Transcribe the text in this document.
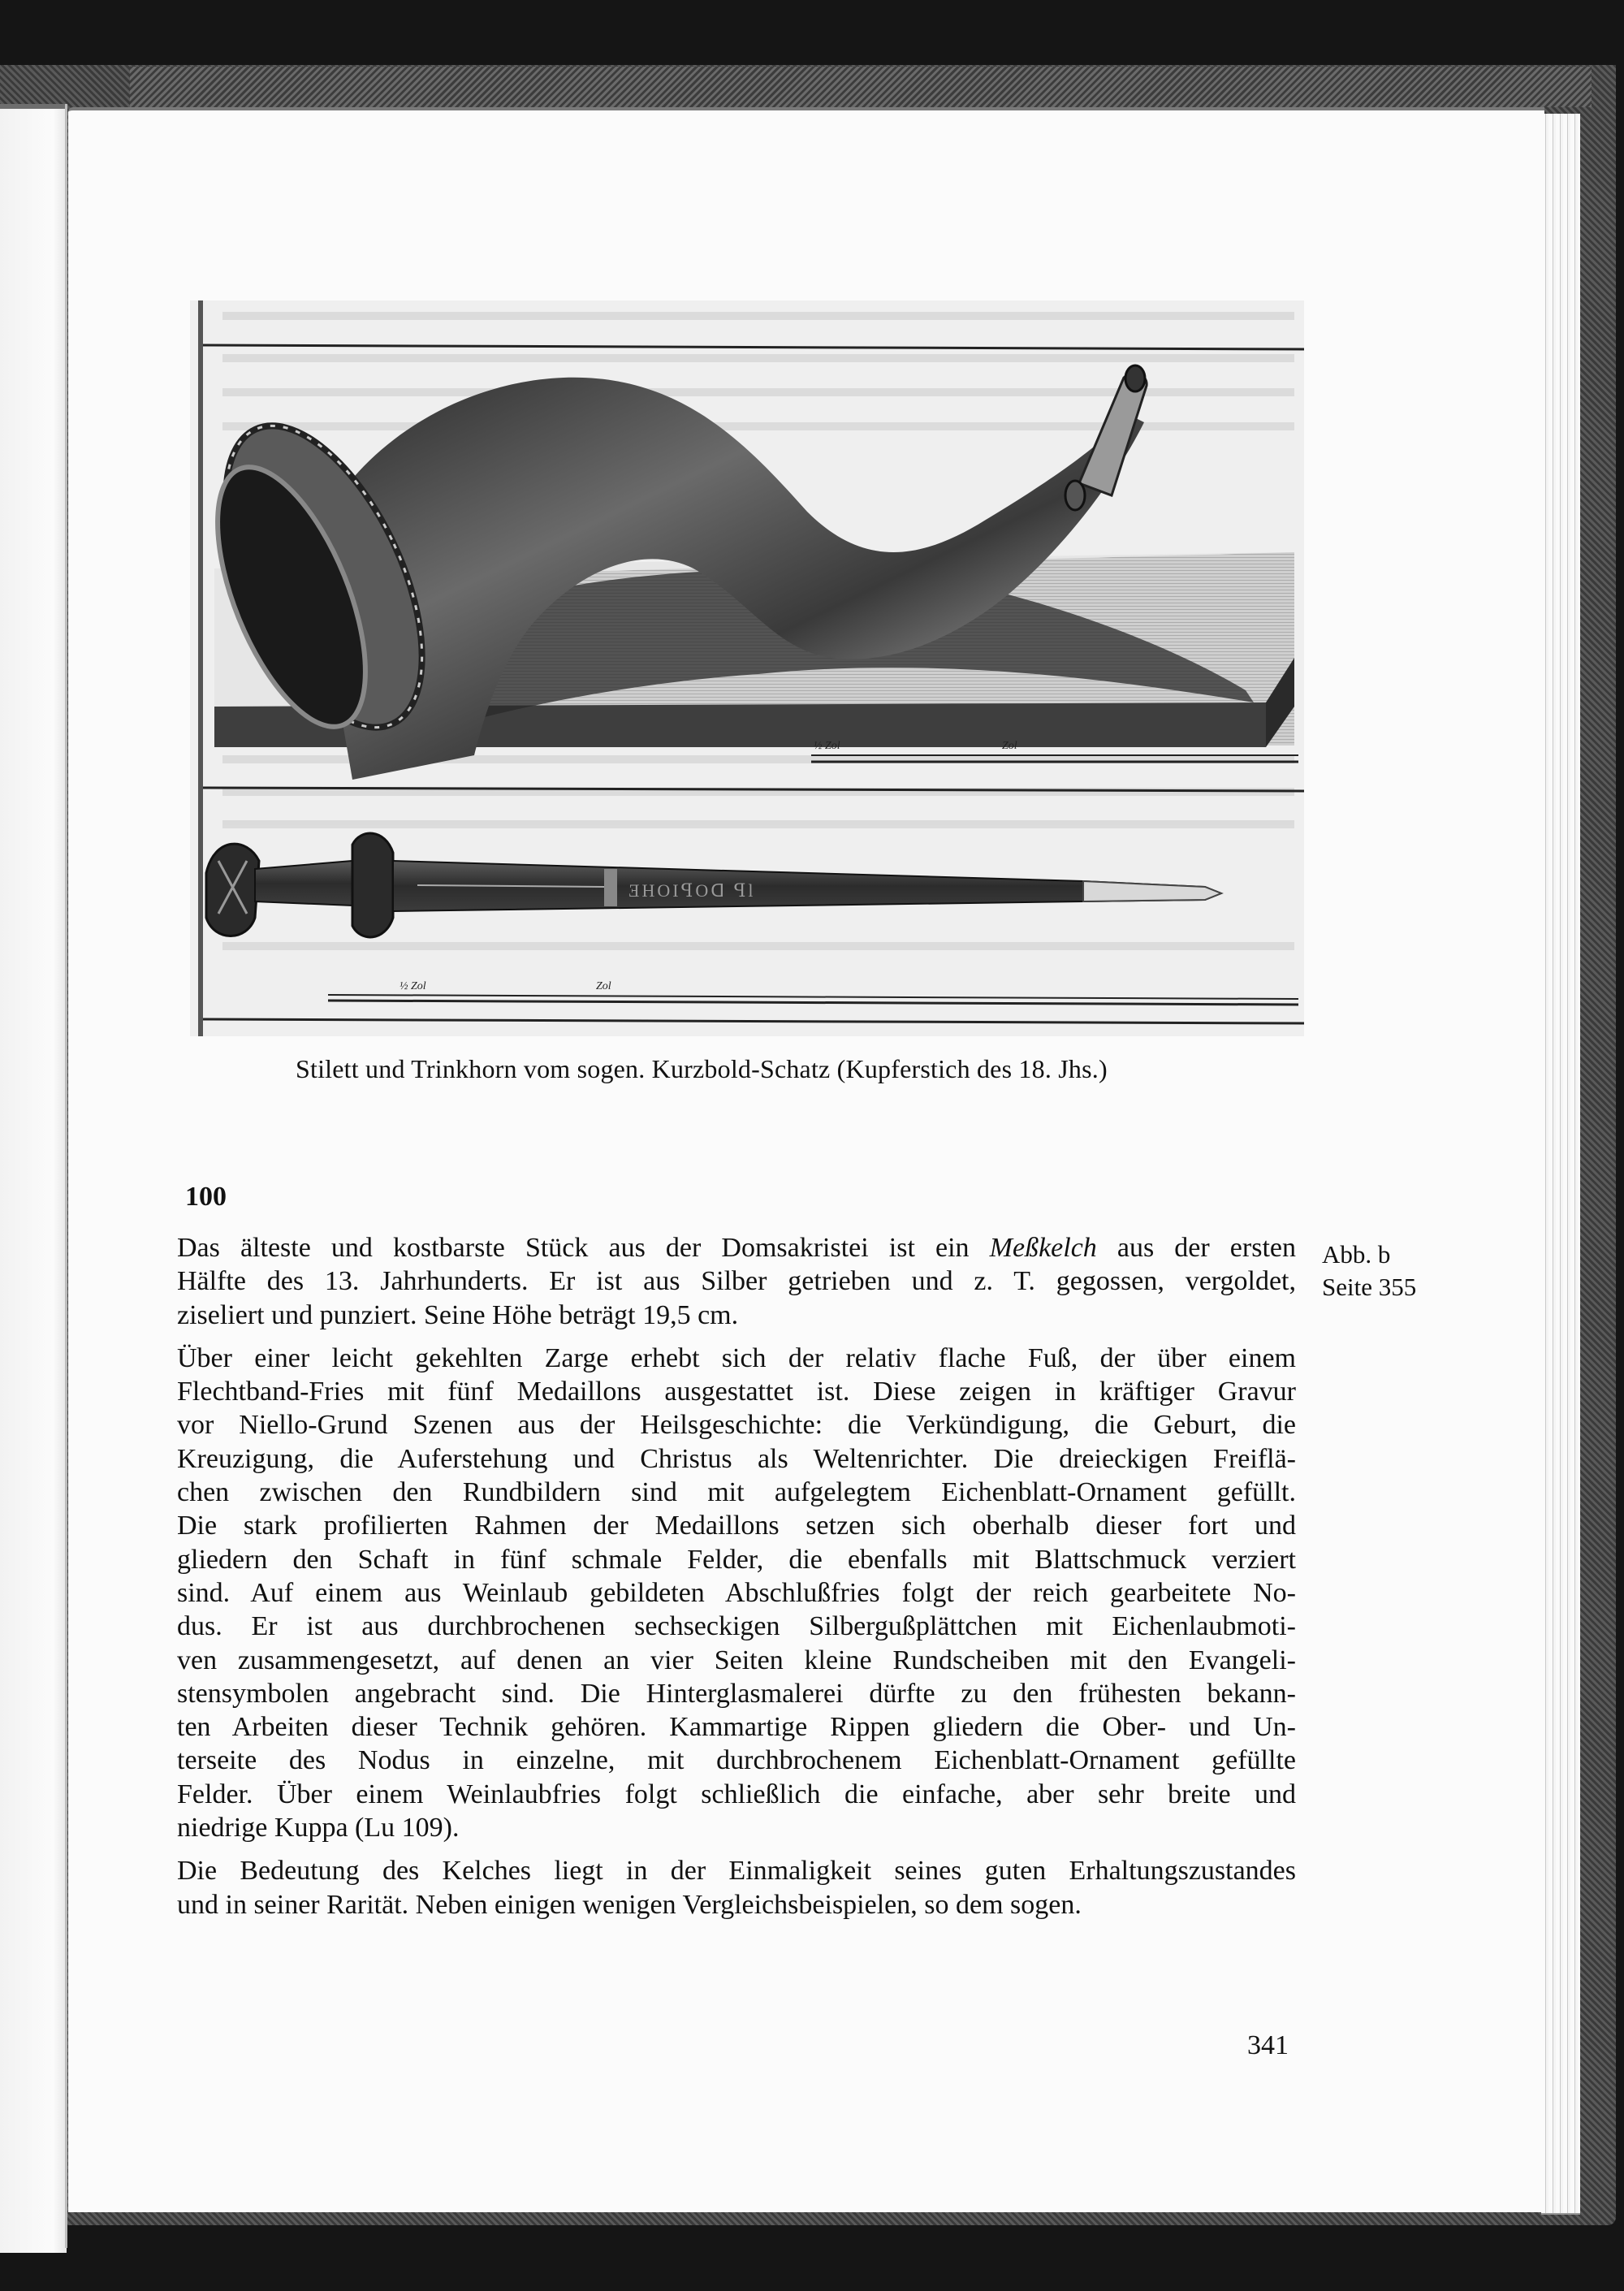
½ Zol	Zol
ƎHOIꟼOᗡ ꟼl
½ Zol	Zol
Stilett und Trinkhorn vom sogen. Kurzbold-Schatz (Kupferstich des 18. Jhs.)
100

Das älteste und kostbarste Stück aus der Domsakristei ist ein Meßkelch aus der ersten
Hälfte des 13. Jahrhunderts. Er ist aus Silber getrieben und z. T. gegossen, vergoldet,
ziseliert und punziert. Seine Höhe beträgt 19,5 cm.

Über einer leicht gekehlten Zarge erhebt sich der relativ flache Fuß, der über einem
Flechtband-Fries mit fünf Medaillons ausgestattet ist. Diese zeigen in kräftiger Gravur
vor Niello-Grund Szenen aus der Heilsgeschichte: die Verkündigung, die Geburt, die
Kreuzigung, die Auferstehung und Christus als Weltenrichter. Die dreieckigen Freiflä-
chen zwischen den Rundbildern sind mit aufgelegtem Eichenblatt-Ornament gefüllt.
Die stark profilierten Rahmen der Medaillons setzen sich oberhalb dieser fort und
gliedern den Schaft in fünf schmale Felder, die ebenfalls mit Blattschmuck verziert
sind. Auf einem aus Weinlaub gebildeten Abschlußfries folgt der reich gearbeitete No-
dus. Er ist aus durchbrochenen sechseckigen Silbergußplättchen mit Eichenlaubmoti-
ven zusammengesetzt, auf denen an vier Seiten kleine Rundscheiben mit den Evangeli-
stensymbolen angebracht sind. Die Hinterglasmalerei dürfte zu den frühesten bekann-
ten Arbeiten dieser Technik gehören. Kammartige Rippen gliedern die Ober- und Un-
terseite des Nodus in einzelne, mit durchbrochenem Eichenblatt-Ornament gefüllte
Felder. Über einem Weinlaubfries folgt schließlich die einfache, aber sehr breite und
niedrige Kuppa (Lu 109).

Die Bedeutung des Kelches liegt in der Einmaligkeit seines guten Erhaltungszustandes
und in seiner Rarität. Neben einigen wenigen Vergleichsbeispielen, so dem sogen.

Abb. b
Seite 355
341
